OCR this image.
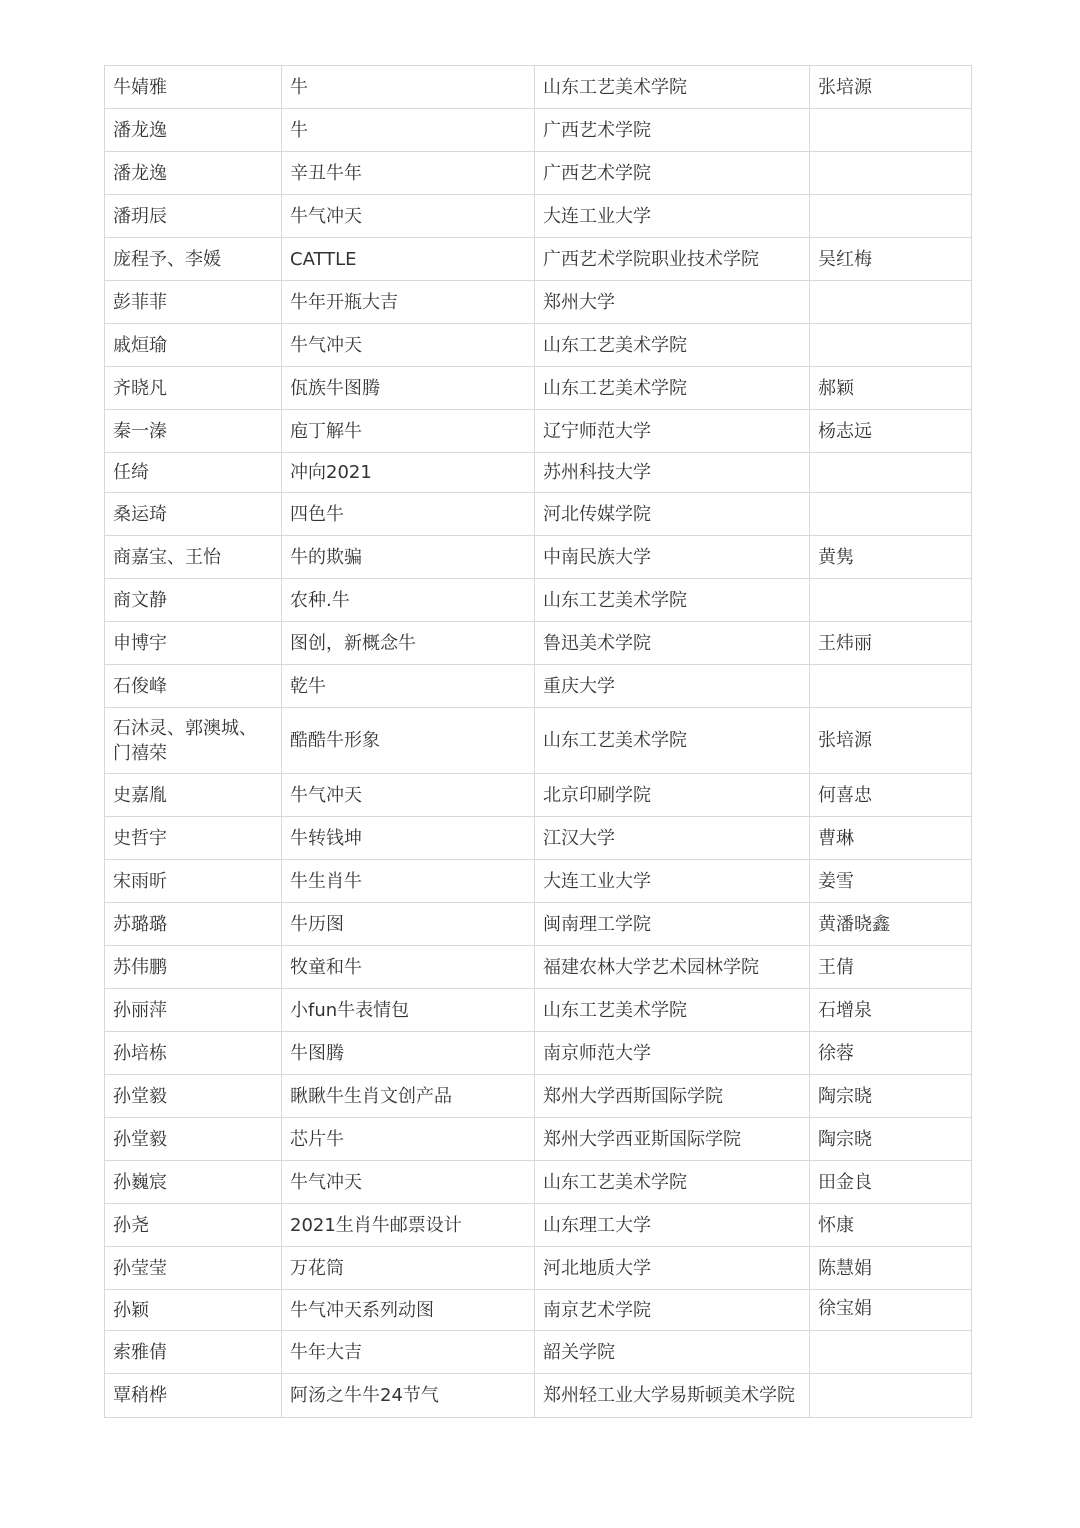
牛婧雅	牛	山东工艺美术学院	张培源
潘龙逸	牛	广西艺术学院	
潘龙逸	辛丑牛年	广西艺术学院	
潘玥辰	牛气冲天	大连工业大学	
庞程予、李媛	CATTLE	广西艺术学院职业技术学院	吴红梅
彭菲菲	牛年开瓶大吉	郑州大学	
戚烜瑜	牛气冲天	山东工艺美术学院	
齐晓凡	佤族牛图腾	山东工艺美术学院	郝颖
秦一溱	庖丁解牛	辽宁师范大学	杨志远
任绮	冲向2021	苏州科技大学	
桑运琦	四色牛	河北传媒学院	
商嘉宝、王怡	牛的欺骗	中南民族大学	黄隽
商文静	农种.牛	山东工艺美术学院	
申博宇	图创，新概念牛	鲁迅美术学院	王炜丽
石俊峰	乾牛	重庆大学	

石沐灵、郭澳城、
门禧荣	酷酷牛形象	山东工艺美术学院	张培源
史嘉胤	牛气冲天	北京印刷学院	何喜忠
史哲宇	牛转钱坤	江汉大学	曹琳
宋雨昕	牛生肖牛	大连工业大学	姜雪
苏璐璐	牛历图	闽南理工学院	黄潘晓鑫
苏伟鹏	牧童和牛	福建农林大学艺术园林学院	王倩
孙丽萍	小fun牛表情包	山东工艺美术学院	石增泉
孙培栋	牛图腾	南京师范大学	徐蓉
孙堂毅	瞅瞅牛生肖文创产品	郑州大学西斯国际学院	陶宗晓
孙堂毅	芯片牛	郑州大学西亚斯国际学院	陶宗晓
孙巍宸	牛气冲天	山东工艺美术学院	田金良
孙尧	2021生肖牛邮票设计	山东理工大学	怀康
孙莹莹	万花筒	河北地质大学	陈慧娟
孙颖	牛气冲天系列动图	南京艺术学院	徐宝娟
索雅倩	牛年大吉	韶关学院	
覃稍桦	阿汤之牛牛24节气	郑州轻工业大学易斯顿美术学院	
